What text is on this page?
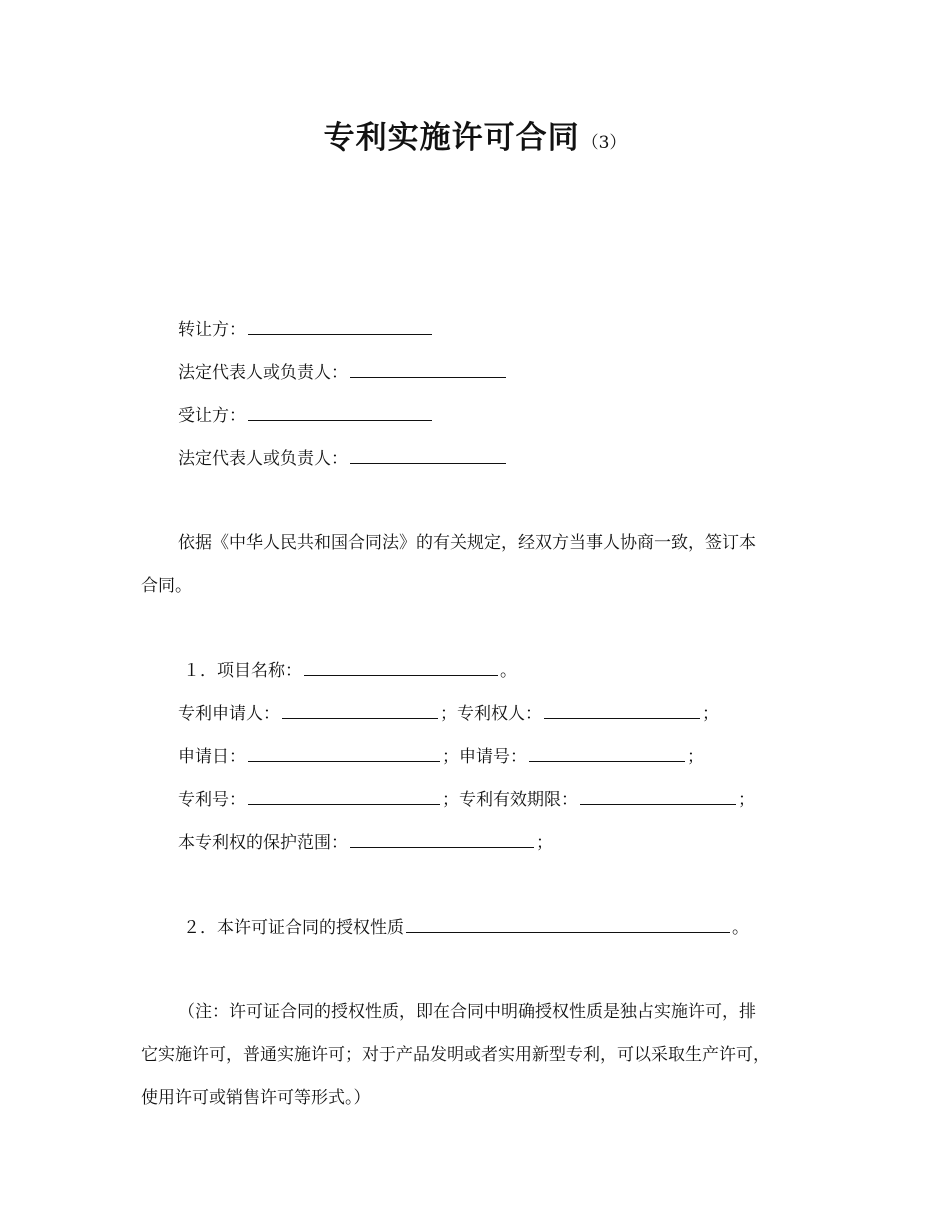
专利实施许可合同 （3）
转让方：
法定代表人或负责人：
受让方：
法定代表人或负责人：
依据《中华人民共和国合同法》的有关规定，经双方当事人协商一致，签订本
合同。
１．项目名称：	。
专利申请人：	；专利权人：	；
申请日：	；申请号：	；
专利号：	；专利有效期限：	；
本专利权的保护范围：	；
２．本许可证合同的授权性质	。
（注：许可证合同的授权性质，即在合同中明确授权性质是独占实施许可，排
它实施许可，普通实施许可；对于产品发明或者实用新型专利，可以采取生产许可，
使用许可或销售许可等形式。）
